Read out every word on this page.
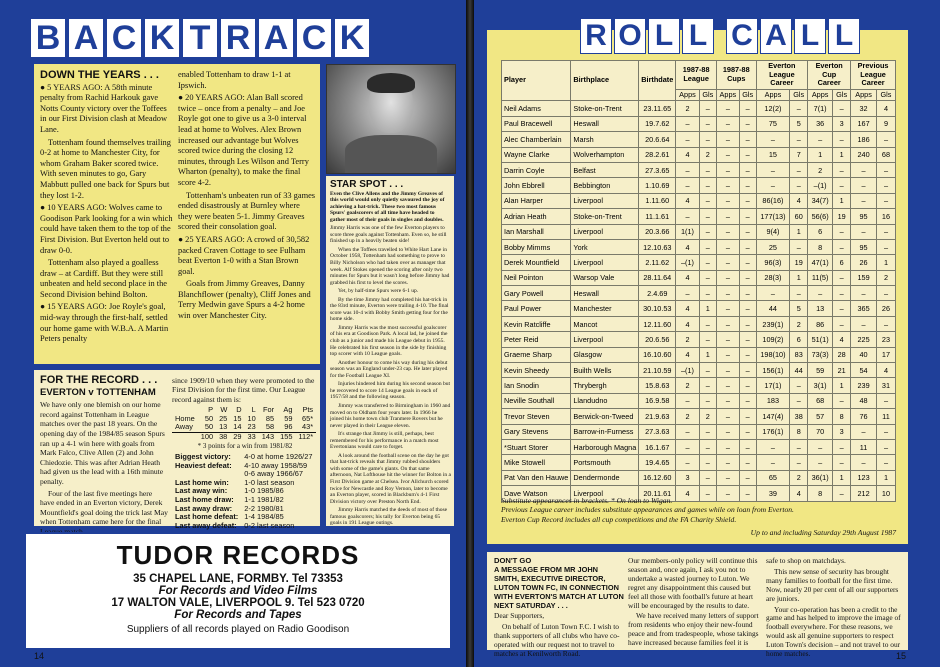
B A C K T R A C K
DOWN THE YEARS . . .

● 5 YEARS AGO: A 58th minute penalty from Rachid Harkouk gave Notts County victory over the Toffees in our First Division clash at Meadow Lane.

Tottenham found themselves trailing 0-2 at home to Manchester City, for whom Graham Baker scored twice. With seven minutes to go, Gary Mabbutt pulled one back for Spurs but they lost 1-2.

● 10 YEARS AGO: Wolves came to Goodison Park looking for a win which could have taken them to the top of the First Division. But Everton held out to draw 0-0.

Tottenham also played a goalless draw – at Cardiff. But they were still unbeaten and held second place in the Second Division behind Bolton.

● 15 YEARS AGO: Joe Royle's goal, mid-way through the first-half, settled our home game with W.B.A. A Martin Peters penalty

enabled Tottenham to draw 1-1 at Ipswich.

● 20 YEARS AGO: Alan Ball scored twice – once from a penalty – and Joe Royle got one to give us a 3-0 interval lead at home to Wolves. Alex Brown increased our advantage but Wolves scored twice during the closing 12 minutes, through Les Wilson and Terry Wharton (penalty), to make the final score 4-2.

Tottenham's unbeaten run of 33 games ended disastrously at Burnley where they were beaten 5-1. Jimmy Greaves scored their consolation goal.

● 25 YEARS AGO: A crowd of 30,582 packed Craven Cottage to see Fulham beat Everton 1-0 with a Stan Brown goal.

Goals from Jimmy Greaves, Danny Blanchflower (penalty), Cliff Jones and Terry Medwin gave Spurs a 4-2 home win over Manchester City.

FOR THE RECORD . . .
EVERTON v TOTTENHAM

We have only one blemish on our home record against Tottenham in League matches over the past 18 years. On the opening day of the 1984/85 season Spurs ran up a 4-1 win here with goals from Mark Falco, Clive Allen (2) and John Chiedozie. This was after Adrian Heath had given us the lead with a 16th minute penalty.

Four of the last five meetings here have ended in an Everton victory, Derek Mountfield's goal doing the trick last May when Tottenham came here for the final

since 1909/10 when they were promoted to the First Division for the first time. Our League record against them is:

	P	W	D	L	For	Ag	Pts
Home	50	25	15	10	85	59	65*
Away	50	13	14	23	58	96	43*
	100	38	29	33	143	155	112*
* 3 points for a win from 1981/82
Biggest victory:	4-0 at home 1926/27
Heaviest defeat:	4-10 away 1958/59
	0-6 away 1966/67
Last home win:	1-0 last season
Last away win:	1-0 1985/86
Last home draw:	1-1 1981/82
Last away draw:	2-2 1980/81
Last home defeat:	1-4 1984/85
Last away defeat:	0-2 last season
STAR SPOT . . .

Even the Clive Allens and the Jimmy Greaves of this world would only quietly savoured the joy of achieving a hat-trick. These two most famous Spurs' goalscorers of all time have headed to gather most of their goals in singles and doubles.

Jimmy Harris was one of the few Everton players to score three goals against Tottenham. Even so, he still finished up in a heavily beaten side!

When the Toffees travelled to White Hart Lane in October 1958, Tottenham had something to prove to Billy Nicholson who had taken over as manager that week. Alf Stokes opened the scoring after only two minutes for Spurs but it wasn't long before Jimmy had grabbed his first to level the scores.

Yet, by half-time Spurs were 6-1 up.

By the time Jimmy had completed his hat-trick in the 83rd minute, Everton were trailing 4-10. The final score was 10-4 with Bobby Smith getting four for the home side.

Jimmy Harris was the most successful goalscorer of his era at Goodison Park. A local lad, he joined the club as a junior and made his League debut in 1955. He celebrated his first season in the side by finishing top scorer with 10 League goals.

Another honour to come his way during his debut season was an England under-23 cap. He later played for the Football League XI.

Injuries hindered him during his second season but he recovered to score 14 League goals in each of 1957/58 and the following season.

Jimmy was transferred to Birmingham in 1960 and moved on to Oldham four years later. In 1966 he joined his home town club Tranmere Rovers but he never played in their League eleven.

It's strange that Jimmy is still, perhaps, best remembered for his performance in a match most Evertonians would care to forget.

A look around the football scene on the day he got that hat-trick reveals that Jimmy rubbed shoulders with some of the game's giants. On that same afternoon, Nat Lofthouse hit the winner for Bolton in a First Division game at Chelsea. Ivor Allchurch scored twice for Newcastle and Roy Vernon, later to become an Everton player, scored in Blackburn's 4-1 First Division victory over Preston North End.

Jimmy Harris matched the deeds of most of those famous goalscorers; his tally for Everton being 65 goals in 191 League outings.

TUDOR RECORDS
35 CHAPEL LANE, FORMBY. Tel 73353
For Records and Video Films
17 WALTON VALE, LIVERPOOL 9. Tel 523 0720
For Records and Tapes
Suppliers of all records played on Radio Goodison
14
R O L L C A L L
Player	Birthplace	Birthdate	1987-88 League		1987-88 Cups		Everton League Career		Everton Cup Career		Previous League Career	
			Apps	Gls	Apps	Gls	Apps	Gls	Apps	Gls	Apps	Gls
Neil Adams	Stoke-on-Trent	23.11.65	2	–	–	–	12(2)	–	7(1)	–	32	4
Paul Bracewell	Heswall	19.7.62	–	–	–	–	75	5	36	3	167	9
Alec Chamberlain	Marsh	20.6.64	–	–	–	–	–	–	–	–	186	–
Wayne Clarke	Wolverhampton	28.2.61	4	2	–	–	15	7	1	1	240	68
Darrin Coyle	Belfast	27.3.65	–	–	–	–	–	–	2	–	–	–
John Ebbrell	Bebbington	1.10.69	–	–	–	–	–	–	–(1)	–	–	–
Alan Harper	Liverpool	1.11.60	4	–	–	–	86(16)	4	34(7)	1	–	–
Adrian Heath	Stoke-on-Trent	11.1.61	–	–	–	–	177(13)	60	56(6)	19	95	16
Ian Marshall	Liverpool	20.3.66	1(1)	–	–	–	9(4)	1	6	–	–	–
Bobby Mimms	York	12.10.63	4	–	–	–	25	–	8	–	95	–
Derek Mountfield	Liverpool	2.11.62	–(1)	–	–	–	96(3)	19	47(1)	6	26	1
Neil Pointon	Warsop Vale	28.11.64	4	–	–	–	28(3)	1	11(5)	–	159	2
Gary Powell	Heswall	2.4.69	–	–	–	–	–	–	–	–	–	–
Paul Power	Manchester	30.10.53	4	1	–	–	44	5	13	–	365	26
Kevin Ratcliffe	Mancot	12.11.60	4	–	–	–	239(1)	2	86	–	–	–
Peter Reid	Liverpool	20.6.56	2	–	–	–	109(2)	6	51(1)	4	225	23
Graeme Sharp	Glasgow	16.10.60	4	1	–	–	198(10)	83	73(3)	28	40	17
Kevin Sheedy	Builth Wells	21.10.59	–(1)	–	–	–	156(1)	44	59	21	54	4
Ian Snodin	Thrybergh	15.8.63	2	–	–	–	17(1)	–	3(1)	1	239	31
Neville Southall	Llandudno	16.9.58	–	–	–	–	183	–	68	–	48	–
Trevor Steven	Berwick-on-Tweed	21.9.63	2	2	–	–	147(4)	38	57	8	76	11
Gary Stevens	Barrow-in-Furness	27.3.63	–	–	–	–	176(1)	8	70	3	–	–
*Stuart Storer	Harborough Magna	16.1.67	–	–	–	–	–	–	–	–	11	–
Mike Stowell	Portsmouth	19.4.65	–	–	–	–	–	–	–	–	–	–
Pat Van den Hauwe	Dendermonde	16.12.60	3	–	–	–	65	2	36(1)	1	123	1
Dave Watson	Liverpool	20.11.61	4	–	–	–	39	4	8	–	212	10
Substitute appearances in brackets. * On loan to Wigan.
Previous League career includes substitute appearances and games while on loan from Everton.
Everton Cup Record includes all cup competitions and the FA Charity Shield.
Up to and including Saturday 29th August 1987
DON'T GO
A MESSAGE FROM MR JOHN SMITH, EXECUTIVE DIRECTOR, LUTON TOWN FC, IN CONNECTION WITH EVERTON'S MATCH AT LUTON NEXT SATURDAY . . .

Dear Supporters,

On behalf of Luton Town F.C. I wish to thank supporters of all clubs who have co-operated with our request not to travel to matches at Kenilworth Road.

Our members-only policy will continue this season and, once again, I ask you not to undertake a wasted journey to Luton. We regret any disappointment this caused but feel all those with football's future at heart will be encouraged by the results to date.

We have received many letters of support from residents who enjoy their new-found peace and from tradespeople, whose takings have increased because families feel it is

safe to shop on matchdays.

This new sense of security has brought many families to football for the first time. Now, nearly 20 per cent of all our supporters are juniors.

Your co-operation has been a credit to the game and has helped to improve the image of football everywhere. For these reasons, we would ask all genuine supporters to respect Luton Town's decision – and not travel to our home matches.	15
